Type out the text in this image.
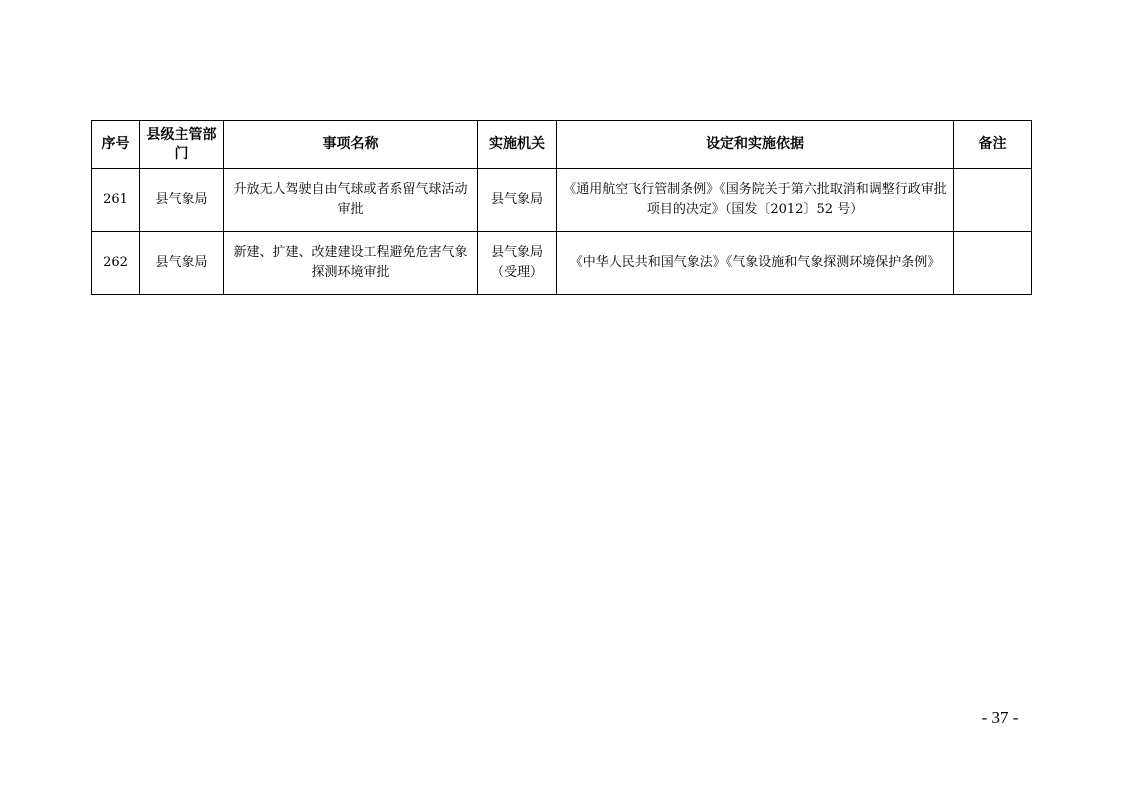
序号	县级主管部门	事项名称	实施机关	设定和实施依据	备注
261	县气象局	升放无人驾驶自由气球或者系留气球活动审批	县气象局	《通用航空飞行管制条例》《国务院关于第六批取消和调整行政审批项目的决定》（国发〔2012〕52 号）	
262	县气象局	新建、扩建、改建建设工程避免危害气象探测环境审批	县气象局（受理）	《中华人民共和国气象法》《气象设施和气象探测环境保护条例》	
- 37 -
